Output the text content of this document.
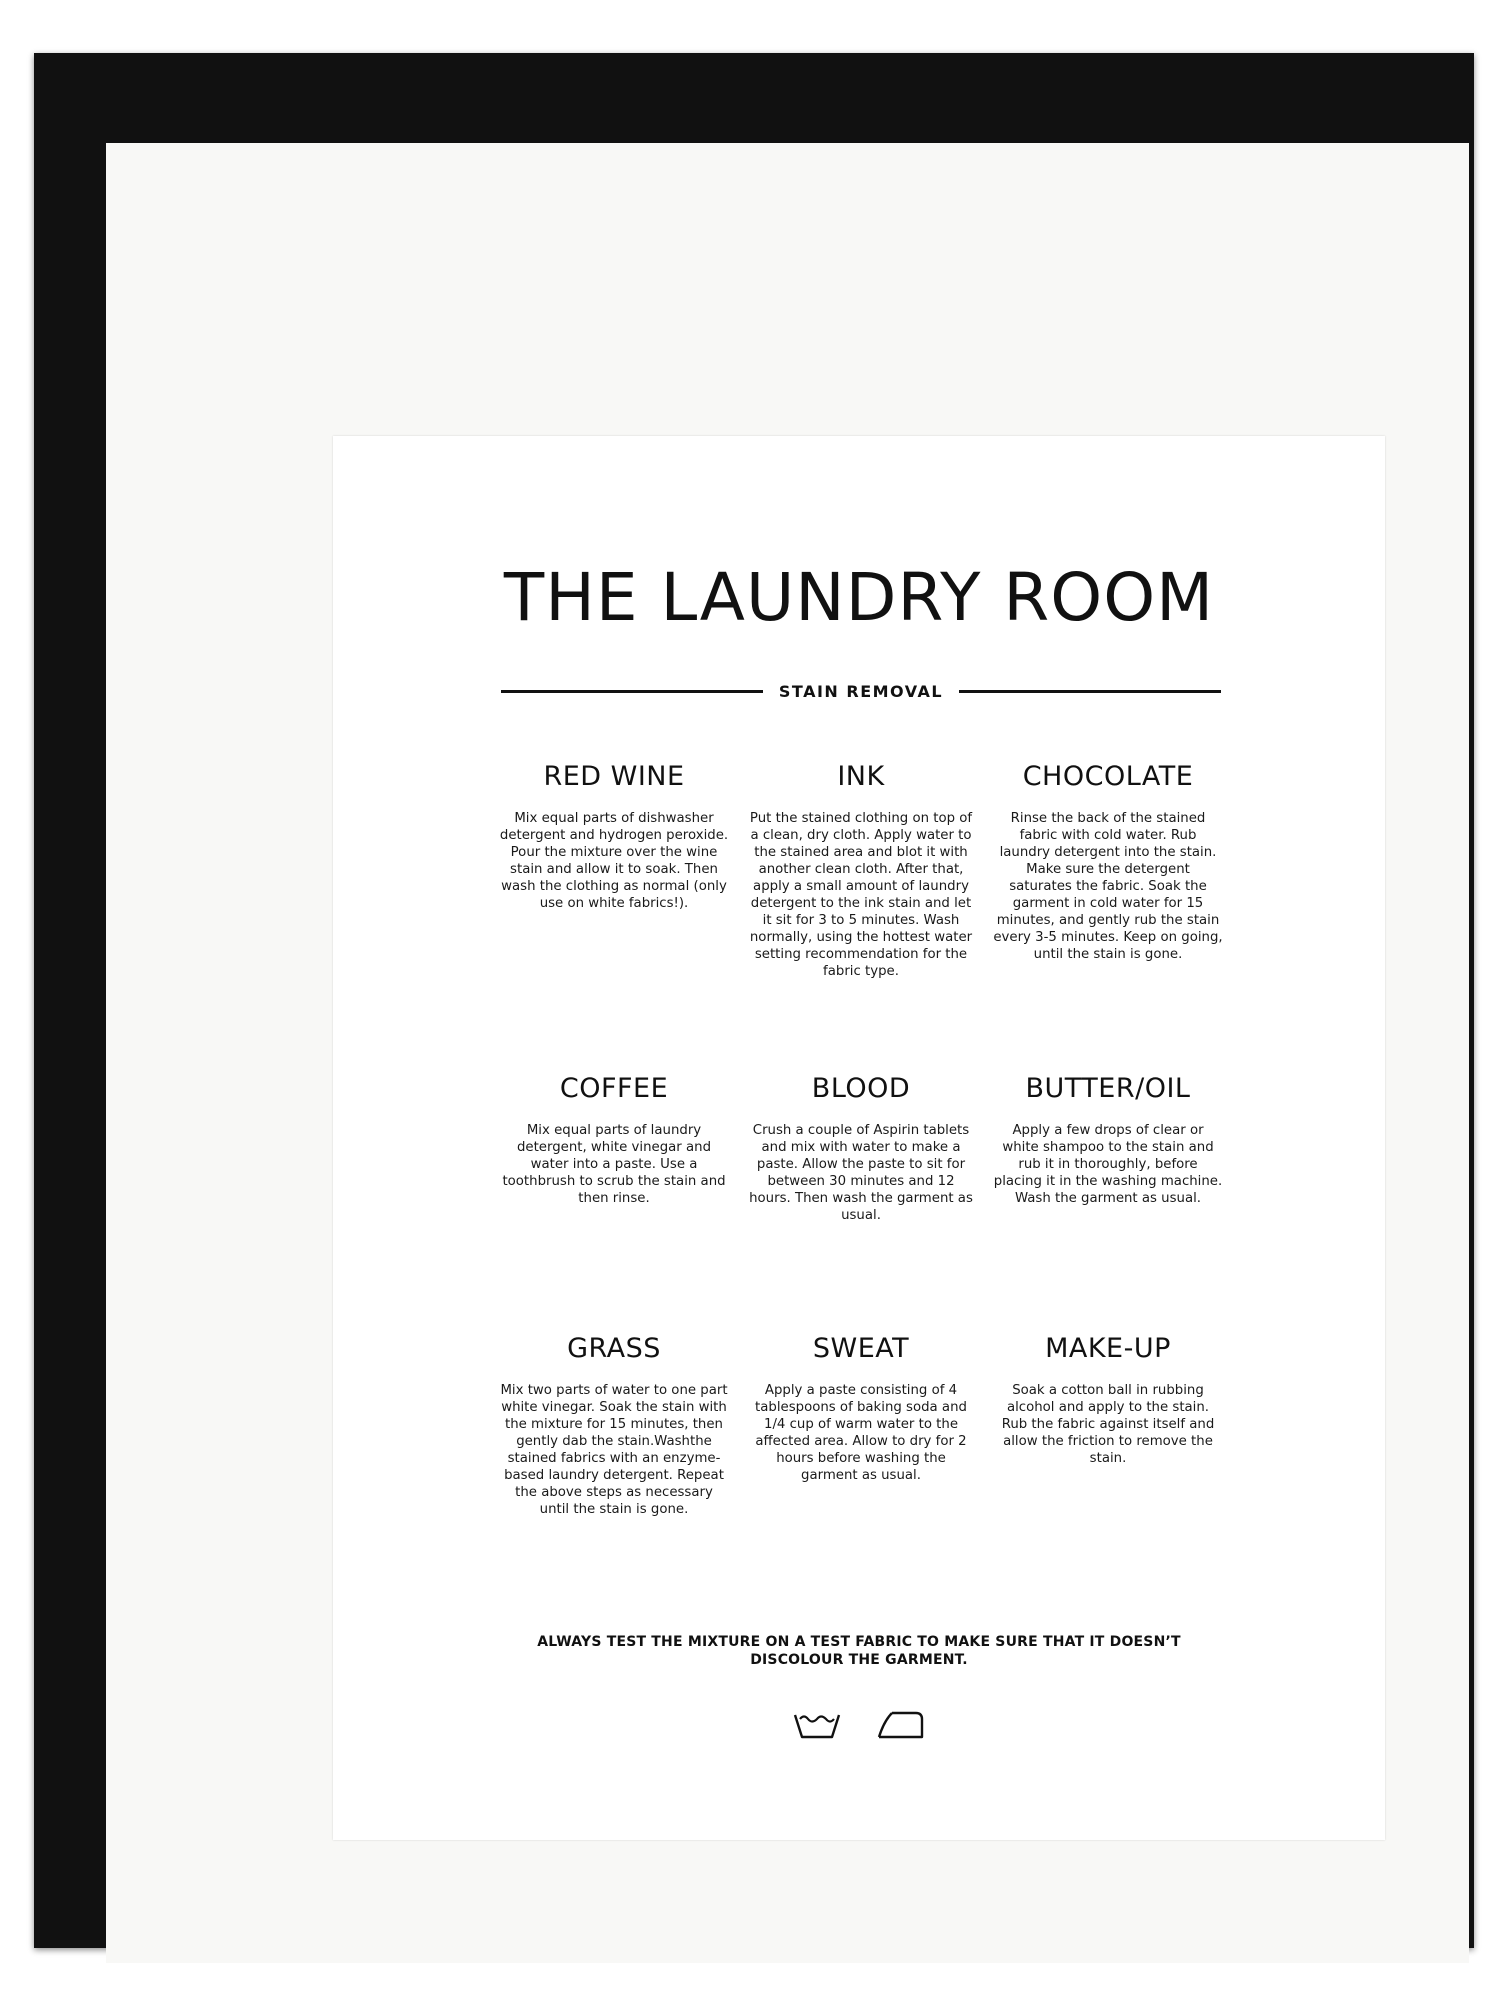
THE LAUNDRY ROOM
STAIN REMOVAL
RED WINE

Mix equal parts of dishwasher detergent and hydrogen peroxide. Pour the mixture over the wine stain and allow it to soak. Then wash the clothing as normal (only use on white fabrics!).

INK

Put the stained clothing on top of a clean, dry cloth. Apply water to the stained area and blot it with another clean cloth. After that, apply a small amount of laundry detergent to the ink stain and let it sit for 3 to 5 minutes. Wash normally, using the hottest water setting recommendation for the fabric type.

CHOCOLATE

Rinse the back of the stained fabric with cold water. Rub laundry detergent into the stain. Make sure the detergent saturates the fabric. Soak the garment in cold water for 15 minutes, and gently rub the stain every 3-5 minutes. Keep on going, until the stain is gone.

COFFEE

Mix equal parts of laundry detergent, white vinegar and water into a paste. Use a toothbrush to scrub the stain and then rinse.

BLOOD

Crush a couple of Aspirin tablets and mix with water to make a paste. Allow the paste to sit for between 30 minutes and 12 hours. Then wash the garment as usual.

BUTTER/OIL

Apply a few drops of clear or white shampoo to the stain and rub it in thoroughly, before placing it in the washing machine. Wash the garment as usual.

GRASS

Mix two parts of water to one part white vinegar. Soak the stain with the mixture for 15 minutes, then gently dab the stain.Washthe stained fabrics with an enzyme-based laundry detergent. Repeat the above steps as necessary until the stain is gone.

SWEAT

Apply a paste consisting of 4 tablespoons of baking soda and 1/4 cup of warm water to the affected area. Allow to dry for 2 hours before washing the garment as usual.

MAKE-UP

Soak a cotton ball in rubbing alcohol and apply to the stain. Rub the fabric against itself and allow the friction to remove the stain.

ALWAYS TEST THE MIXTURE ON A TEST FABRIC TO MAKE SURE THAT IT DOESN’T DISCOLOUR THE GARMENT.
